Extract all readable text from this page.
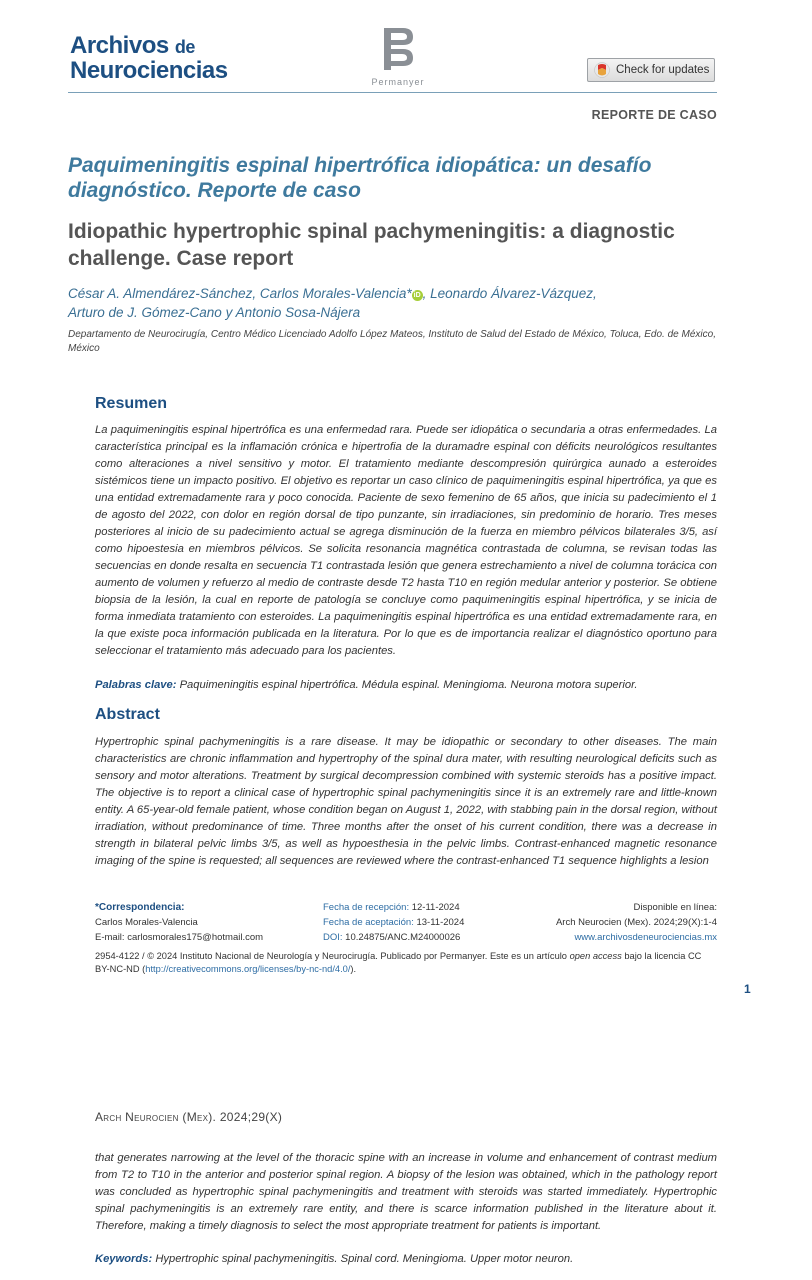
Archivos de
Neurociencias	Permanyer
Check for updates
REPORTE DE CASO
Paquimeningitis espinal hipertrófica idiopática: un desafío diagnóstico. Reporte de caso
Idiopathic hypertrophic spinal pachymeningitis: a diagnostic challenge. Case report
César A. Almendárez-Sánchez, Carlos Morales-Valencia* iD , Leonardo Álvarez-Vázquez,
Arturo de J. Gómez-Cano y Antonio Sosa-Nájera
Departamento de Neurocirugía, Centro Médico Licenciado Adolfo López Mateos, Instituto de Salud del Estado de México, Toluca, Edo. de México, México
Resumen
La paquimeningitis espinal hipertrófica es una enfermedad rara. Puede ser idiopática o secundaria a otras enfermedades. La característica principal es la inflamación crónica e hipertrofia de la duramadre espinal con déficits neurológicos resultantes como alteraciones a nivel sensitivo y motor. El tratamiento mediante descompresión quirúrgica aunado a esteroides sistémicos tiene un impacto positivo. El objetivo es reportar un caso clínico de paquimeningitis espinal hipertrófica, ya que es una entidad extremadamente rara y poco conocida. Paciente de sexo femenino de 65 años, que inicia su padecimiento el 1 de agosto del 2022, con dolor en región dorsal de tipo punzante, sin irradiaciones, sin predominio de horario. Tres meses posteriores al inicio de su padecimiento actual se agrega disminución de la fuerza en miembro pélvicos bilaterales 3/5, así como hipoestesia en miembros pélvicos. Se solicita resonancia magnética contrastada de columna, se revisan todas las secuencias en donde resalta en secuencia T1 contrastada lesión que genera estrechamiento a nivel de columna torácica con aumento de volumen y refuerzo al medio de contraste desde T2 hasta T10 en región medular anterior y posterior. Se obtiene biopsia de la lesión, la cual en reporte de patología se concluye como paquimeningitis espinal hipertrófica, y se inicia de forma inmediata tratamiento con esteroides. La paquimeningitis espinal hipertrófica es una entidad extremadamente rara, en la que existe poca información publicada en la literatura. Por lo que es de importancia realizar el diagnóstico oportuno para seleccionar el tratamiento más adecuado para los pacientes.
Palabras clave: Paquimeningitis espinal hipertrófica. Médula espinal. Meningioma. Neurona motora superior.
Abstract
Hypertrophic spinal pachymeningitis is a rare disease. It may be idiopathic or secondary to other diseases. The main characteristics are chronic inflammation and hypertrophy of the spinal dura mater, with resulting neurological deficits such as sensory and motor alterations. Treatment by surgical decompression combined with systemic steroids has a positive impact. The objective is to report a clinical case of hypertrophic spinal pachymeningitis since it is an extremely rare and little-known entity. A 65-year-old female patient, whose condition began on August 1, 2022, with stabbing pain in the dorsal region, without irradiation, without predominance of time. Three months after the onset of his current condition, there was a decrease in strength in bilateral pelvic limbs 3/5, as well as hypoesthesia in the pelvic limbs. Contrast-enhanced magnetic resonance imaging of the spine is requested; all sequences are reviewed where the contrast-enhanced T1 sequence highlights a lesion
*Correspondencia:
Carlos Morales-Valencia
E-mail: carlosmorales175@hotmail.com
Fecha de recepción: 12-11-2024
Fecha de aceptación: 13-11-2024
DOI: 10.24875/ANC.M24000026
Disponible en línea:
Arch Neurocien (Mex). 2024;29(X):1-4
www.archivosdeneurociencias.mx
2954-4122 / © 2024 Instituto Nacional de Neurología y Neurocirugía. Publicado por Permanyer. Este es un artículo open access bajo la licencia CC BY-NC-ND (http://creativecommons.org/licenses/by-nc-nd/4.0/).
1
Arch Neurocien (Mex). 2024;29(X)
that generates narrowing at the level of the thoracic spine with an increase in volume and enhancement of contrast medium from T2 to T10 in the anterior and posterior spinal region. A biopsy of the lesion was obtained, which in the pathology report was concluded as hypertrophic spinal pachymeningitis and treatment with steroids was started immediately. Hypertrophic spinal pachymeningitis is an extremely rare entity, and there is scarce information published in the literature about it. Therefore, making a timely diagnosis to select the most appropriate treatment for patients is important.
Keywords: Hypertrophic spinal pachymeningitis. Spinal cord. Meningioma. Upper motor neuron.
